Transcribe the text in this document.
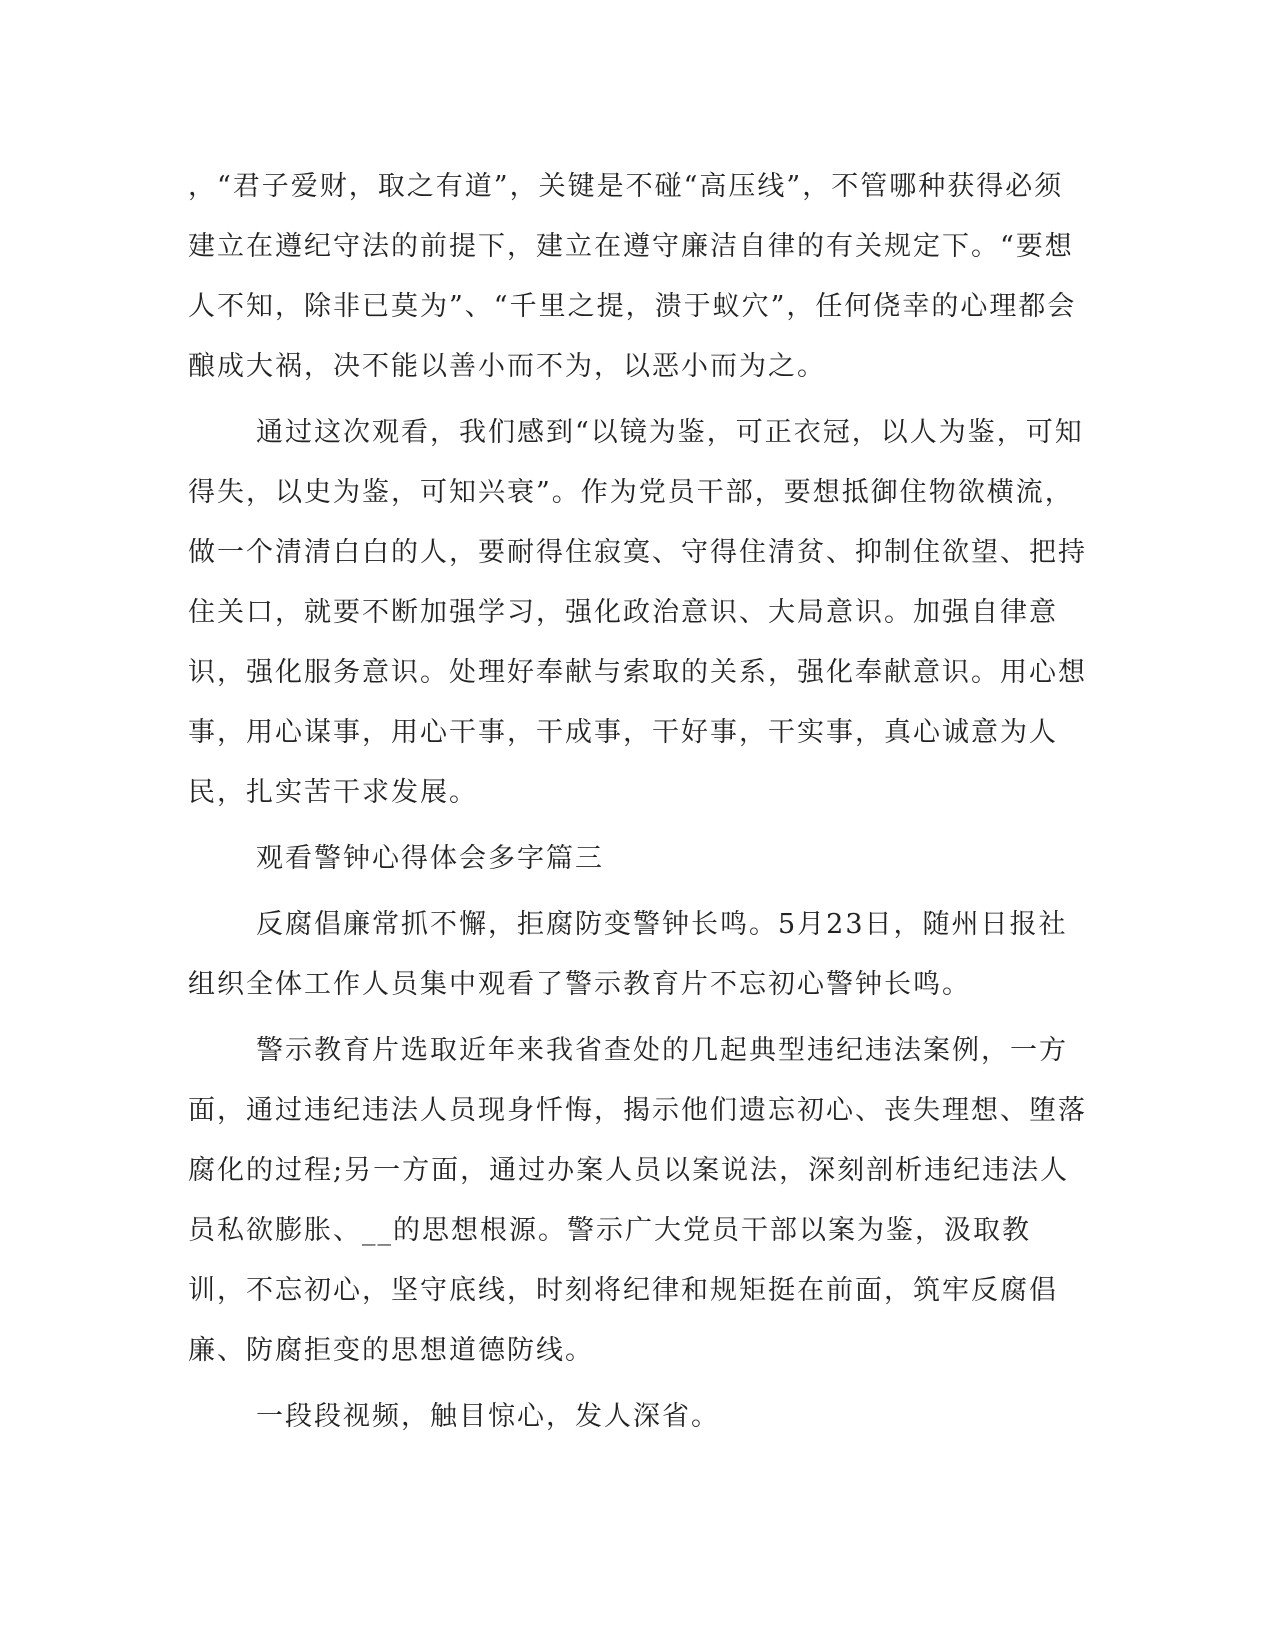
，“君子爱财，取之有道”，关键是不碰“高压线”，不管哪种获得必须建立在遵纪守法的前提下，建立在遵守廉洁自律的有关规定下。“要想人不知，除非已莫为”、“千里之提，溃于蚁穴”，任何侥幸的心理都会酿成大祸，决不能以善小而不为，以恶小而为之。

通过这次观看，我们感到“以镜为鉴，可正衣冠，以人为鉴，可知得失，以史为鉴，可知兴衰”。作为党员干部，要想抵御住物欲横流，做一个清清白白的人，要耐得住寂寞、守得住清贫、抑制住欲望、把持住关口，就要不断加强学习，强化政治意识、大局意识。加强自律意识，强化服务意识。处理好奉献与索取的关系，强化奉献意识。用心想事，用心谋事，用心干事，干成事，干好事，干实事，真心诚意为人民，扎实苦干求发展。

观看警钟心得体会多字篇三

反腐倡廉常抓不懈，拒腐防变警钟长鸣。5月23日，随州日报社组织全体工作人员集中观看了警示教育片不忘初心警钟长鸣。

警示教育片选取近年来我省查处的几起典型违纪违法案例，一方面，通过违纪违法人员现身忏悔，揭示他们遗忘初心、丧失理想、堕落腐化的过程;另一方面，通过办案人员以案说法，深刻剖析违纪违法人员私欲膨胀、__的思想根源。警示广大党员干部以案为鉴，汲取教训，不忘初心，坚守底线，时刻将纪律和规矩挺在前面，筑牢反腐倡廉、防腐拒变的思想道德防线。

一段段视频，触目惊心，发人深省。
